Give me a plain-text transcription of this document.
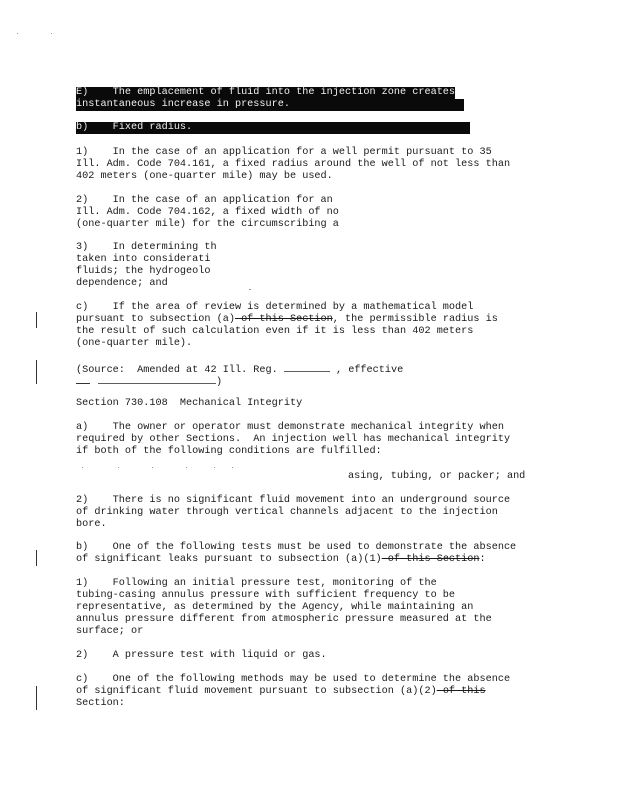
E)    The emplacement of fluid into the injection zone creates
instantaneous increase in pressure.
b)    Fixed radius.
1)    In the case of an application for a well permit pursuant to 35
Ill. Adm. Code 704.161, a fixed radius around the well of not less than
402 meters (one-quarter mile) may be used.
2)    In the case of an application for an
Ill. Adm. Code 704.162, a fixed width of no
(one-quarter mile) for the circumscribing a
3)    In determining th
taken into considerati
fluids; the hydrogeolo
dependence; and
c)    If the area of review is determined by a mathematical model
pursuant to subsection (a) of this Section, the permissible radius is
the result of such calculation even if it is less than 402 meters
(one-quarter mile).
(Source:  Amended at 42 Ill. Reg.	, effective
)
Section 730.108  Mechanical Integrity
a)    The owner or operator must demonstrate mechanical integrity when
required by other Sections.  An injection well has mechanical integrity
if both of the following conditions are fulfilled:
asing, tubing, or packer; and
2)    There is no significant fluid movement into an underground source
of drinking water through vertical channels adjacent to the injection
bore.
b)    One of the following tests must be used to demonstrate the absence
of significant leaks pursuant to subsection (a)(1) of this Section:
1)    Following an initial pressure test, monitoring of the
tubing-casing annulus pressure with sufficient frequency to be
representative, as determined by the Agency, while maintaining an
annulus pressure different from atmospheric pressure measured at the
surface; or
2)    A pressure test with liquid or gas.
c)    One of the following methods may be used to determine the absence
of significant fluid movement pursuant to subsection (a)(2) of this
Section:
